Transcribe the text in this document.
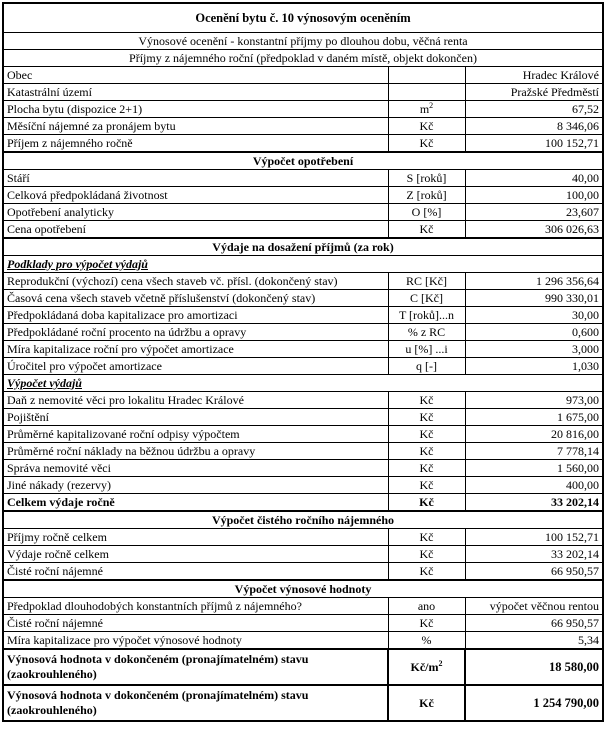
Ocenění bytu č. 10 výnosovým oceněním		
Výnosové ocenění - konstantní příjmy po dlouhou dobu, věčná renta		
Příjmy z nájemného roční (předpoklad v daném místě, objekt dokončen)		
Obec		Hradec Králové
Katastrální území		Pražské Předměstí
Plocha bytu (dispozice 2+1)	$m^2$	67,52
Měsíční nájemné za pronájem bytu	Kč	8 346,06
Příjem z nájemného ročně	Kč	100 152,71
Výpočet opotřebení		
Stáří	S [roků]	40,00
Celková předpokládaná životnost	Z [roků]	100,00
Opotřebení analyticky	O [%]	23,607
Cena opotřebení	Kč	306 026,63
Výdaje na dosažení příjmů (za rok)		
Podklady pro výpočet výdajů		
Reprodukční (výchozí) cena všech staveb vč. přísl. (dokončený stav)	RC [Kč]	1 296 356,64
Časová cena všech staveb včetně příslušenství (dokončený stav)	C [Kč]	990 330,01
Předpokládaná doba kapitalizace pro amortizaci	T [roků]...n	30,00
Předpokládané roční procento na údržbu a opravy	% z RC	0,600
Míra kapitalizace roční pro výpočet amortizace	u [%] ...i	3,000
Úročitel pro výpočet amortizace	q [-]	1,030
Výpočet výdajů		
Daň z nemovité věci pro lokalitu Hradec Králové	Kč	973,00
Pojištění	Kč	1 675,00
Průměrné kapitalizované roční odpisy výpočtem	Kč	20 816,00
Průměrné roční náklady na běžnou údržbu a opravy	Kč	7 778,14
Správa nemovité věci	Kč	1 560,00
Jiné nákady (rezervy)	Kč	400,00
Celkem výdaje ročně	Kč	33 202,14
Výpočet čistého ročního nájemného		
Příjmy ročně celkem	Kč	100 152,71
Výdaje ročně celkem	Kč	33 202,14
Čisté roční nájemné	Kč	66 950,57
Výpočet výnosové hodnoty		
Předpoklad dlouhodobých konstantních příjmů z nájemného?	ano	výpočet věčnou rentou
Čisté roční nájemné	Kč	66 950,57
Míra kapitalizace pro výpočet výnosové hodnoty	%	5,34
Výnosová hodnota v dokončeném (pronajímatelném) stavu (zaokrouhleného)	$Kč/m^2$	18 580,00
Výnosová hodnota v dokončeném (pronajímatelném) stavu (zaokrouhleného)	Kč	1 254 790,00
